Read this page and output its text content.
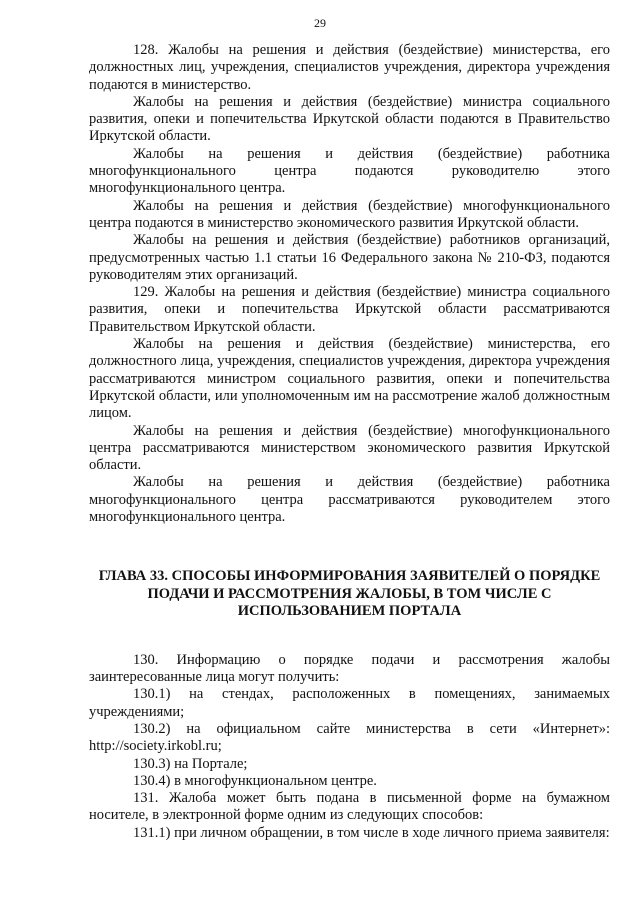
29

128. Жалобы на решения и действия (бездействие) министерства, его должностных лиц, учреждения, специалистов учреждения, директора учреждения подаются в министерство.

Жалобы на решения и действия (бездействие) министра социального развития, опеки и попечительства Иркутской области подаются в Правительство Иркутской области.

Жалобы на решения и действия (бездействие) работника многофункционального центра подаются руководителю этого многофункционального центра.

Жалобы на решения и действия (бездействие) многофункционального центра подаются в министерство экономического развития Иркутской области.

Жалобы на решения и действия (бездействие) работников организаций, предусмотренных частью 1.1 статьи 16 Федерального закона № 210-ФЗ, подаются руководителям этих организаций.

129. Жалобы на решения и действия (бездействие) министра социального развития, опеки и попечительства Иркутской области рассматриваются Правительством Иркутской области.

Жалобы на решения и действия (бездействие) министерства, его должностного лица, учреждения, специалистов учреждения, директора учреждения рассматриваются министром социального развития, опеки и попечительства Иркутской области, или уполномоченным им на рассмотрение жалоб должностным лицом.

Жалобы на решения и действия (бездействие) многофункционального центра рассматриваются министерством экономического развития Иркутской области.

Жалобы на решения и действия (бездействие) работника многофункционального центра рассматриваются руководителем этого многофункционального центра.

ГЛАВА 33. СПОСОБЫ ИНФОРМИРОВАНИЯ ЗАЯВИТЕЛЕЙ О ПОРЯДКЕ
ПОДАЧИ И РАССМОТРЕНИЯ ЖАЛОБЫ, В ТОМ ЧИСЛЕ С
ИСПОЛЬЗОВАНИЕМ ПОРТАЛА

130. Информацию о порядке подачи и рассмотрения жалобы заинтересованные лица могут получить:

130.1) на стендах, расположенных в помещениях, занимаемых учреждениями;

130.2) на официальном сайте министерства в сети «Интернет»: http://society.irkobl.ru;

130.3) на Портале;

130.4) в многофункциональном центре.

131. Жалоба может быть подана в письменной форме на бумажном носителе, в электронной форме одним из следующих способов:

131.1) при личном обращении, в том числе в ходе личного приема заявителя:
